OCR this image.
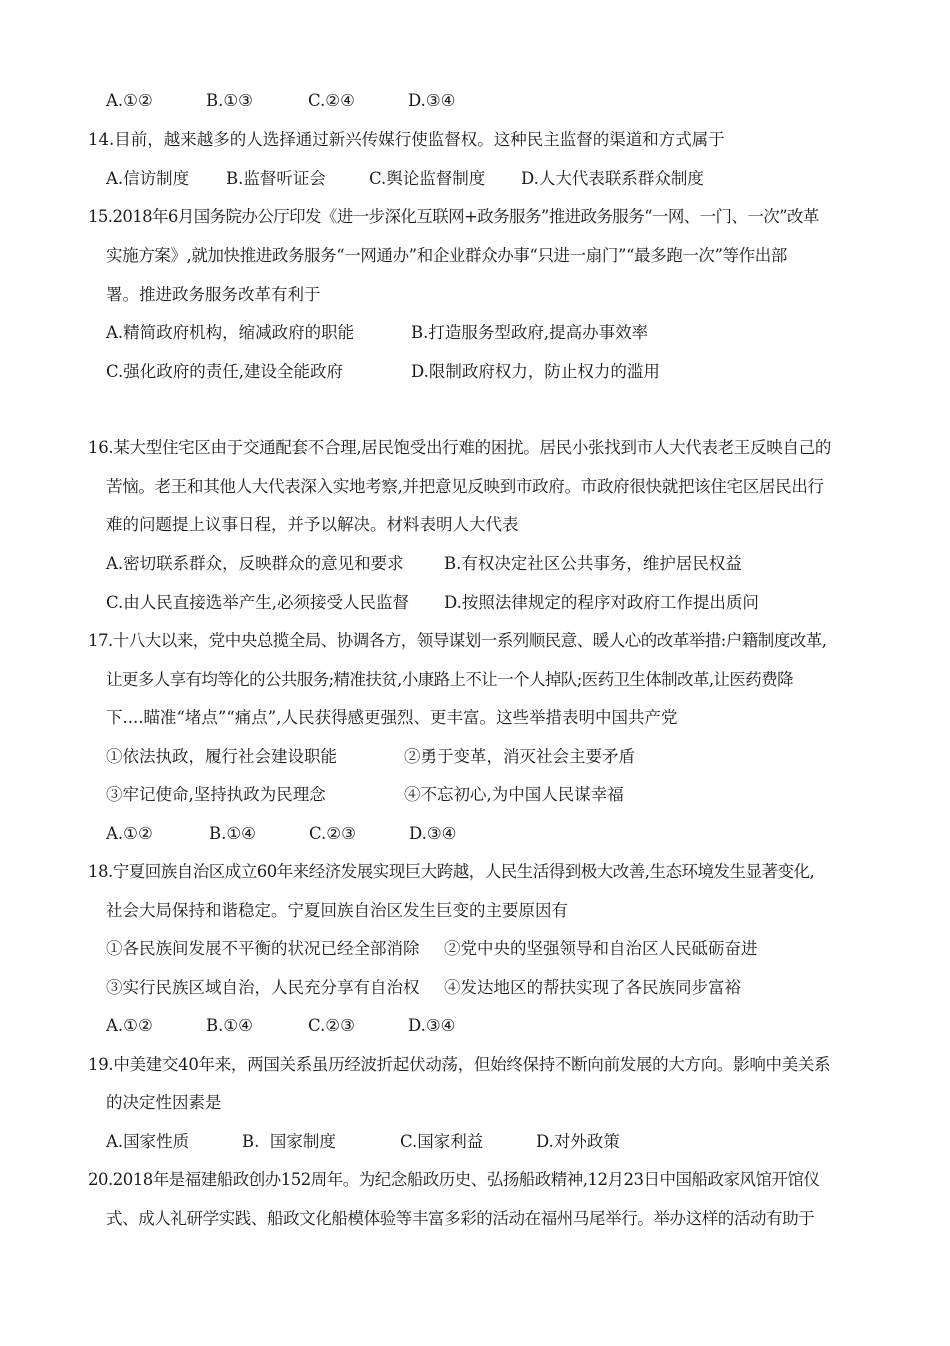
A.①②	B.①③	C.②④	D.③④
14.目前，越来越多的人选择通过新兴传媒行使监督权。这种民主监督的渠道和方式属于
A.信访制度 B.监督听证会	C.舆论监督制度 D.人大代表联系群众制度
15.2018年6月国务院办公厅印发《进一步深化互联网+政务服务”推进政务服务“一网、一门、一次”改革
实施方案》,就加快推进政务服务“一网通办”和企业群众办事“只进一扇门”“最多跑一次”等作出部
署。推进政务服务改革有利于
A.精简政府机构，缩减政府的职能	B.打造服务型政府,提高办事效率
C.强化政府的责任,建设全能政府	D.限制政府权力，防止权力的滥用
16.某大型住宅区由于交通配套不合理,居民饱受出行难的困扰。居民小张找到市人大代表老王反映自己的
苦恼。老王和其他人大代表深入实地考察,并把意见反映到市政府。市政府很快就把该住宅区居民出行
难的问题提上议事日程，并予以解决。材料表明人大代表
A.密切联系群众，反映群众的意见和要求 B.有权决定社区公共事务，维护居民权益
C.由人民直接选举产生,必须接受人民监督 D.按照法律规定的程序对政府工作提出质问
17.十八大以来，党中央总揽全局、协调各方，领导谋划一系列顺民意、暖人心的改革举措:户籍制度改革,
让更多人享有均等化的公共服务;精准扶贫,小康路上不让一个人掉队;医药卫生体制改革,让医药费降
下....瞄准“堵点”“痛点”,人民获得感更强烈、更丰富。这些举措表明中国共产党
①依法执政，履行社会建设职能	②勇于变革，消灭社会主要矛盾
③牢记使命,坚持执政为民理念	④不忘初心,为中国人民谋幸福
A.①②	B.①④	C.②③	D.③④
18.宁夏回族自治区成立60年来经济发展实现巨大跨越，人民生活得到极大改善,生态环境发生显著变化,
社会大局保持和谐稳定。宁夏回族自治区发生巨变的主要原因有
①各民族间发展不平衡的状况已经全部消除 ②党中央的坚强领导和自治区人民砥砺奋进
③实行民族区域自治，人民充分享有自治权 ④发达地区的帮扶实现了各民族同步富裕
A.①②	B.①④	C.②③	D.③④
19.中美建交40年来，两国关系虽历经波折起伏动荡，但始终保持不断向前发展的大方向。影响中美关系
的决定性因素是
A.国家性质	B.  国家制度	C.国家利益	D.对外政策
20.2018年是福建船政创办152周年。为纪念船政历史、弘扬船政精神,12月23日中国船政家风馆开馆仪
式、成人礼研学实践、船政文化船模体验等丰富多彩的活动在福州马尾举行。举办这样的活动有助于
